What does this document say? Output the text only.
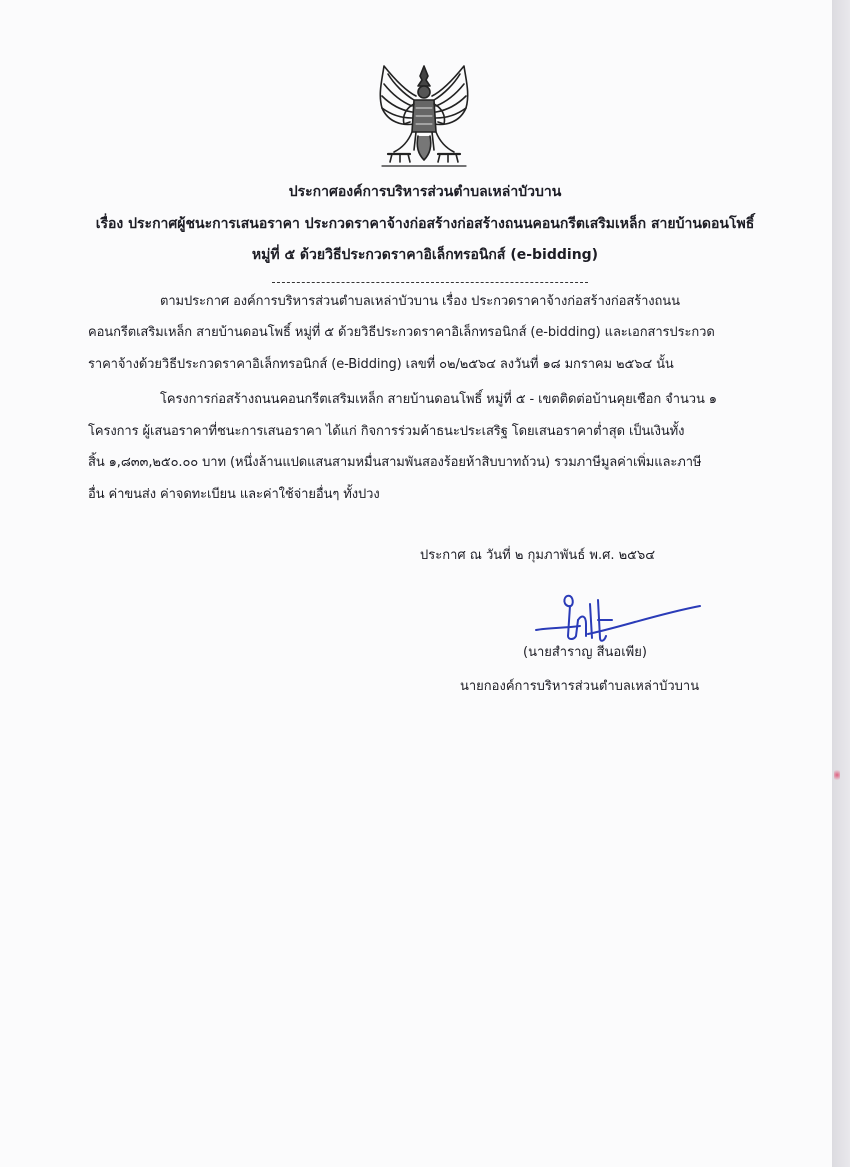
ประกาศองค์การบริหารส่วนตำบลเหล่าบัวบาน
เรื่อง ประกาศผู้ชนะการเสนอราคา ประกวดราคาจ้างก่อสร้างก่อสร้างถนนคอนกรีตเสริมเหล็ก สายบ้านดอนโพธิ์
หมู่ที่ ๕ ด้วยวิธีประกวดราคาอิเล็กทรอนิกส์ (e-bidding)
ตามประกาศ องค์การบริหารส่วนตำบลเหล่าบัวบาน เรื่อง ประกวดราคาจ้างก่อสร้างก่อสร้างถนน
คอนกรีตเสริมเหล็ก สายบ้านดอนโพธิ์ หมู่ที่ ๕ ด้วยวิธีประกวดราคาอิเล็กทรอนิกส์ (e-bidding) และเอกสารประกวด
ราคาจ้างด้วยวิธีประกวดราคาอิเล็กทรอนิกส์ (e-Bidding) เลขที่ ๐๒/๒๕๖๔ ลงวันที่ ๑๘ มกราคม ๒๕๖๔ นั้น
โครงการก่อสร้างถนนคอนกรีตเสริมเหล็ก สายบ้านดอนโพธิ์ หมู่ที่ ๕ - เขตติดต่อบ้านคุยเชือก จำนวน ๑
โครงการ ผู้เสนอราคาที่ชนะการเสนอราคา ได้แก่ กิจการร่วมค้าธนะประเสริฐ โดยเสนอราคาต่ำสุด เป็นเงินทั้ง
สิ้น ๑,๘๓๓,๒๕๐.๐๐ บาท (หนึ่งล้านแปดแสนสามหมื่นสามพันสองร้อยห้าสิบบาทถ้วน) รวมภาษีมูลค่าเพิ่มและภาษี
อื่น ค่าขนส่ง ค่าจดทะเบียน และค่าใช้จ่ายอื่นๆ ทั้งปวง
ประกาศ ณ วันที่ ๒ กุมภาพันธ์ พ.ศ. ๒๕๖๔
(นายสำราญ สีนอเพีย)
นายกองค์การบริหารส่วนตำบลเหล่าบัวบาน
